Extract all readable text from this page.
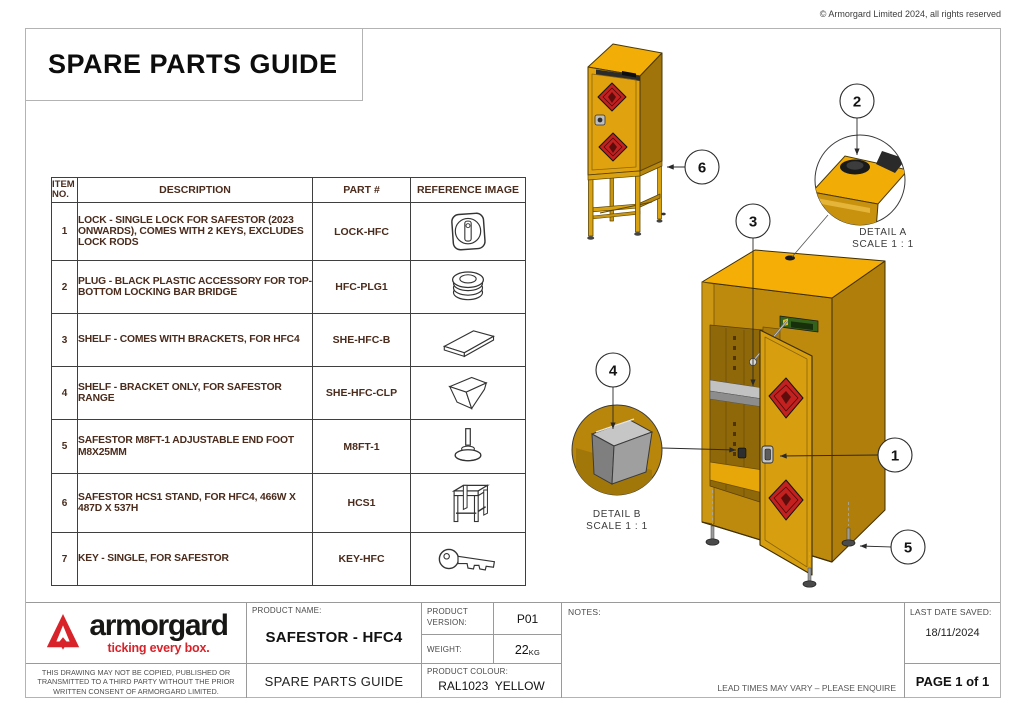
© Armorgard Limited 2024, all rights reserved
SPARE PARTS GUIDE
ITEM NO.	DESCRIPTION	PART #	REFERENCE IMAGE
1	LOCK - SINGLE LOCK FOR SAFESTOR (2023 ONWARDS), COMES WITH 2 KEYS, EXCLUDES LOCK RODS	LOCK-HFC	

2	PLUG - BLACK PLASTIC ACCESSORY FOR TOP-BOTTOM LOCKING BAR BRIDGE	HFC-PLG1	

3	SHELF - COMES WITH BRACKETS, FOR HFC4	SHE-HFC-B	

4	SHELF - BRACKET ONLY, FOR SAFESTOR RANGE	SHE-HFC-CLP	

5	SAFESTOR M8FT-1 ADJUSTABLE END FOOT M8X25MM	M8FT-1	

6	SAFESTOR HCS1 STAND, FOR HFC4, 466W X 487D X 537H	HCS1	

7	KEY - SINGLE, FOR SAFESTOR	KEY-HFC	
DETAIL A
SCALE 1 : 1
DETAIL B
SCALE 1 : 1
1
2
3
4
5
6
armorgard
ticking every box.
THIS DRAWING MAY NOT BE COPIED, PUBLISHED OR TRANSMITTED TO A THIRD PARTY WITHOUT THE PRIOR WRITTEN CONSENT OF ARMORGARD LIMITED.
PRODUCT NAME:
SAFESTOR - HFC4
SPARE PARTS GUIDE
PRODUCT VERSION:	P01
WEIGHT:	22 KG
PRODUCT COLOUR:
RAL1023  YELLOW
NOTES:
LEAD TIMES MAY VARY – PLEASE ENQUIRE
LAST DATE SAVED:
18/11/2024
PAGE 1 of 1
